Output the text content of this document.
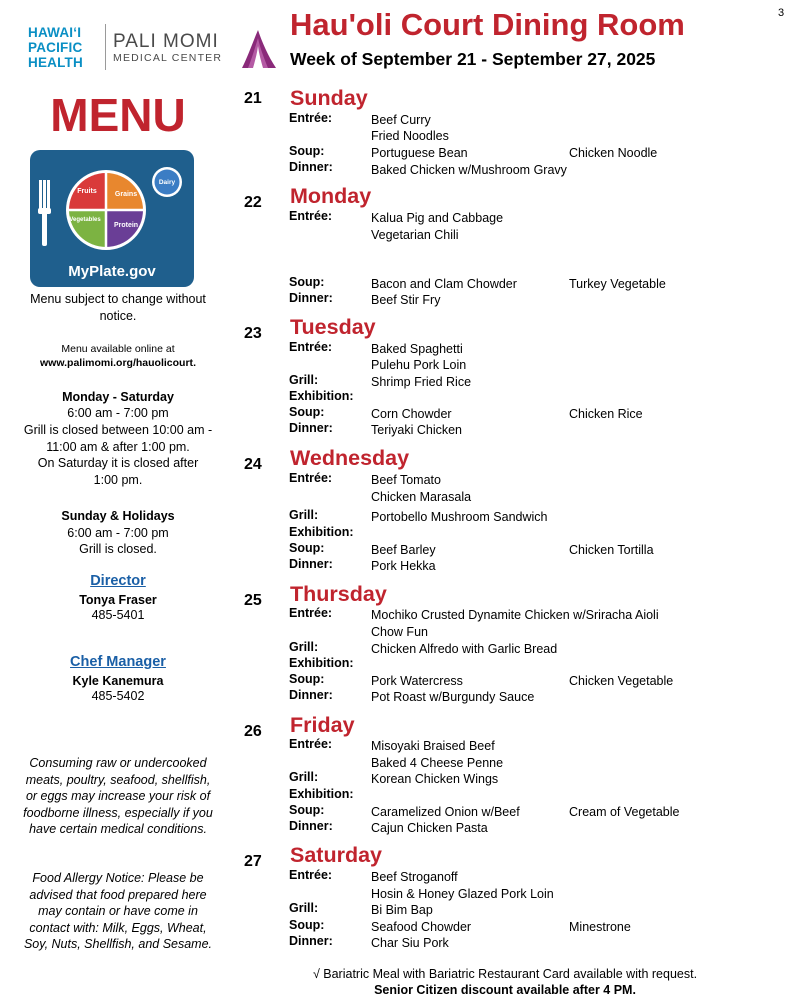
3
HAWAIʻI
PACIFIC
HEALTH
PALI MOMI
MEDICAL CENTER
Hau'oli Court Dining Room
Week of September 21 - September 27, 2025
MENU
Fruits	Grains
Vegetables
Protein
Dairy
MyPlate.gov
Menu subject to change without notice.
Menu available online at
www.palimomi.org/hauolicourt.
Monday - Saturday
6:00 am - 7:00 pm
Grill is closed between 10:00 am - 11:00 am & after 1:00 pm.
On Saturday it is closed after 1:00 pm.
Sunday & Holidays
6:00 am - 7:00 pm
Grill is closed.
Director
Tonya Fraser
485-5401
Chef Manager
Kyle Kanemura
485-5402
Consuming raw or undercooked meats, poultry, seafood, shellfish, or eggs may increase your risk of foodborne illness, especially if you have certain medical conditions.
Food Allergy Notice: Please be advised that food prepared here may contain or have come in contact with: Milk, Eggs, Wheat, Soy, Nuts, Shellfish, and Sesame.
21 Sunday
Entrée:	Beef Curry
Fried Noodles
Soup:	Portuguese Bean	Chicken Noodle
Dinner:	Baked Chicken w/Mushroom Gravy
22 Monday
Entrée:	Kalua Pig and Cabbage
Vegetarian Chili
Soup:	Bacon and Clam Chowder	Turkey Vegetable
Dinner:	Beef Stir Fry
23 Tuesday
Entrée:	Baked Spaghetti
Pulehu Pork Loin
Grill:	Shrimp Fried Rice
Exhibition:
Soup:	Corn Chowder	Chicken Rice
Dinner:	Teriyaki Chicken
24 Wednesday
Entrée:	Beef Tomato
Chicken Marasala
Grill:	Portobello Mushroom Sandwich
Exhibition:
Soup:	Beef Barley	Chicken Tortilla
Dinner:	Pork Hekka
25 Thursday
Entrée:	Mochiko Crusted Dynamite Chicken w/Sriracha Aioli
Chow Fun
Grill:	Chicken Alfredo with Garlic Bread
Exhibition:
Soup:	Pork Watercress	Chicken Vegetable
Dinner:	Pot Roast w/Burgundy Sauce
26 Friday
Entrée:	Misoyaki Braised Beef
Baked 4 Cheese Penne
Grill:	Korean Chicken Wings
Exhibition:
Soup:	Caramelized Onion w/Beef	Cream of Vegetable
Dinner:	Cajun Chicken Pasta
27 Saturday
Entrée:	Beef Stroganoff
Hosin & Honey Glazed Pork Loin
Grill:	Bi Bim Bap
Soup:	Seafood Chowder	Minestrone
Dinner:	Char Siu Pork
√ Bariatric Meal with Bariatric Restaurant Card available with request.
Senior Citizen discount available after 4 PM.
